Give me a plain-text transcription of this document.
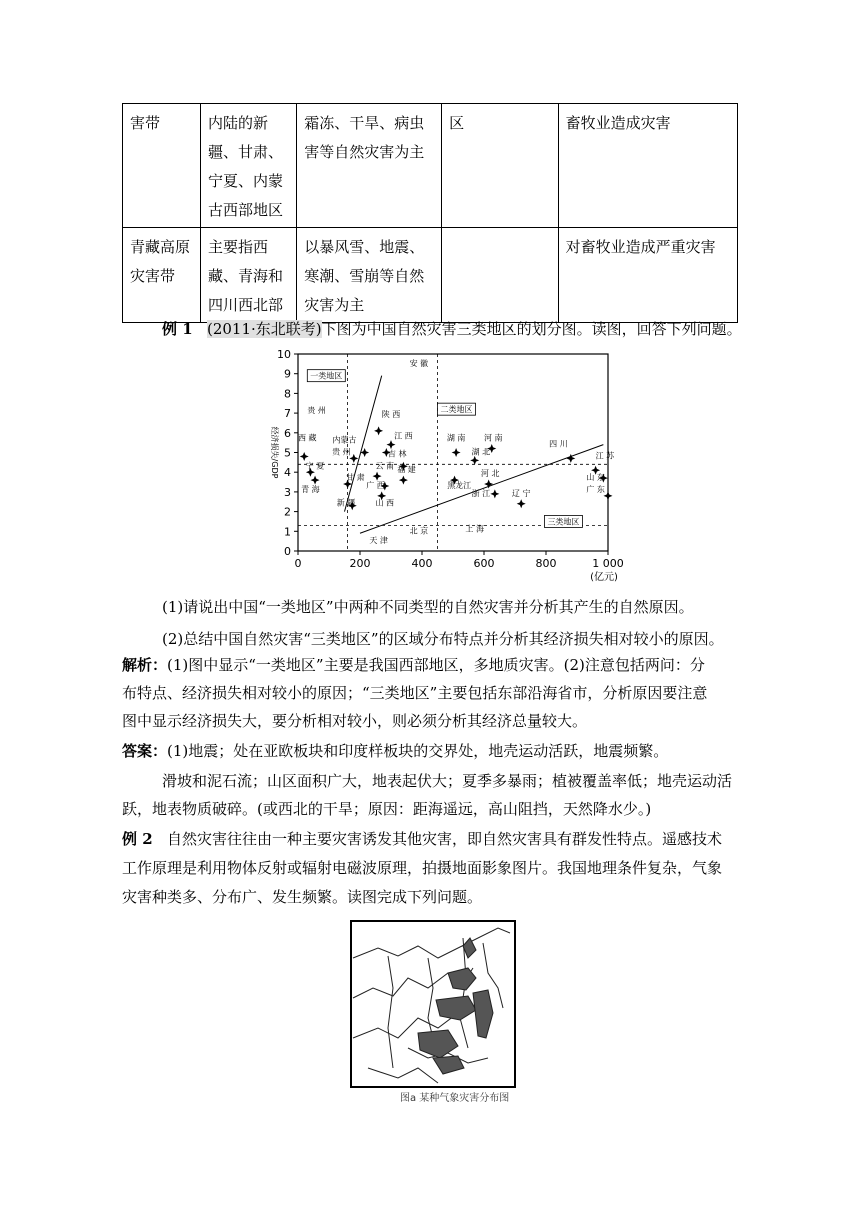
害带	内陆的新疆、甘肃、宁夏、内蒙古西部地区	霜冻、干旱、病虫害等自然灾害为主	区	畜牧业造成灾害
青藏高原灾害带	主要指西藏、青海和四川西北部	以暴风雪、地震、寒潮、雪崩等自然灾害为主		对畜牧业造成严重灾害
例 1 (2011·东北联考)下图为中国自然灾害三类地区的划分图。读图，回答下列问题。
0	200	400	600	800	1 000
0
1
2
3
4
5
6
7
8
9
10
(亿元)
经济损失/GDP
一类地区
二类地区
三类地区
安 徽
贵 州	陕 西
西 藏 内蒙古
贵 州
江 西
吉 林
宁 夏
甘 肃
云 南 福 建
青 海	广 西
新 疆	山 西
湖 南 河 南
湖 北
四 川
江 苏
黑龙江
河 北
浙 江	辽 宁
山 东
广 东
北 京	上 海
天 津
(1)请说出中国“一类地区”中两种不同类型的自然灾害并分析其产生的自然原因。
(2)总结中国自然灾害“三类地区”的区域分布特点并分析其经济损失相对较小的原因。
解析：(1)图中显示“一类地区”主要是我国西部地区，多地质灾害。(2)注意包括两问：分
布特点、经济损失相对较小的原因；“三类地区”主要包括东部沿海省市，分析原因要注意
图中显示经济损失大，要分析相对较小，则必须分析其经济总量较大。
答案：(1)地震；处在亚欧板块和印度样板块的交界处，地壳运动活跃，地震频繁。
滑坡和泥石流；山区面积广大，地表起伏大；夏季多暴雨；植被覆盖率低；地壳运动活
跃，地表物质破碎。(或西北的干旱；原因：距海遥远，高山阻挡，天然降水少。)
例 2 自然灾害往往由一种主要灾害诱发其他灾害，即自然灾害具有群发性特点。遥感技术
工作原理是利用物体反射或辐射电磁波原理，拍摄地面影象图片。我国地理条件复杂，气象
灾害种类多、分布广、发生频繁。读图完成下列问题。
图a 某种气象灾害分布图
